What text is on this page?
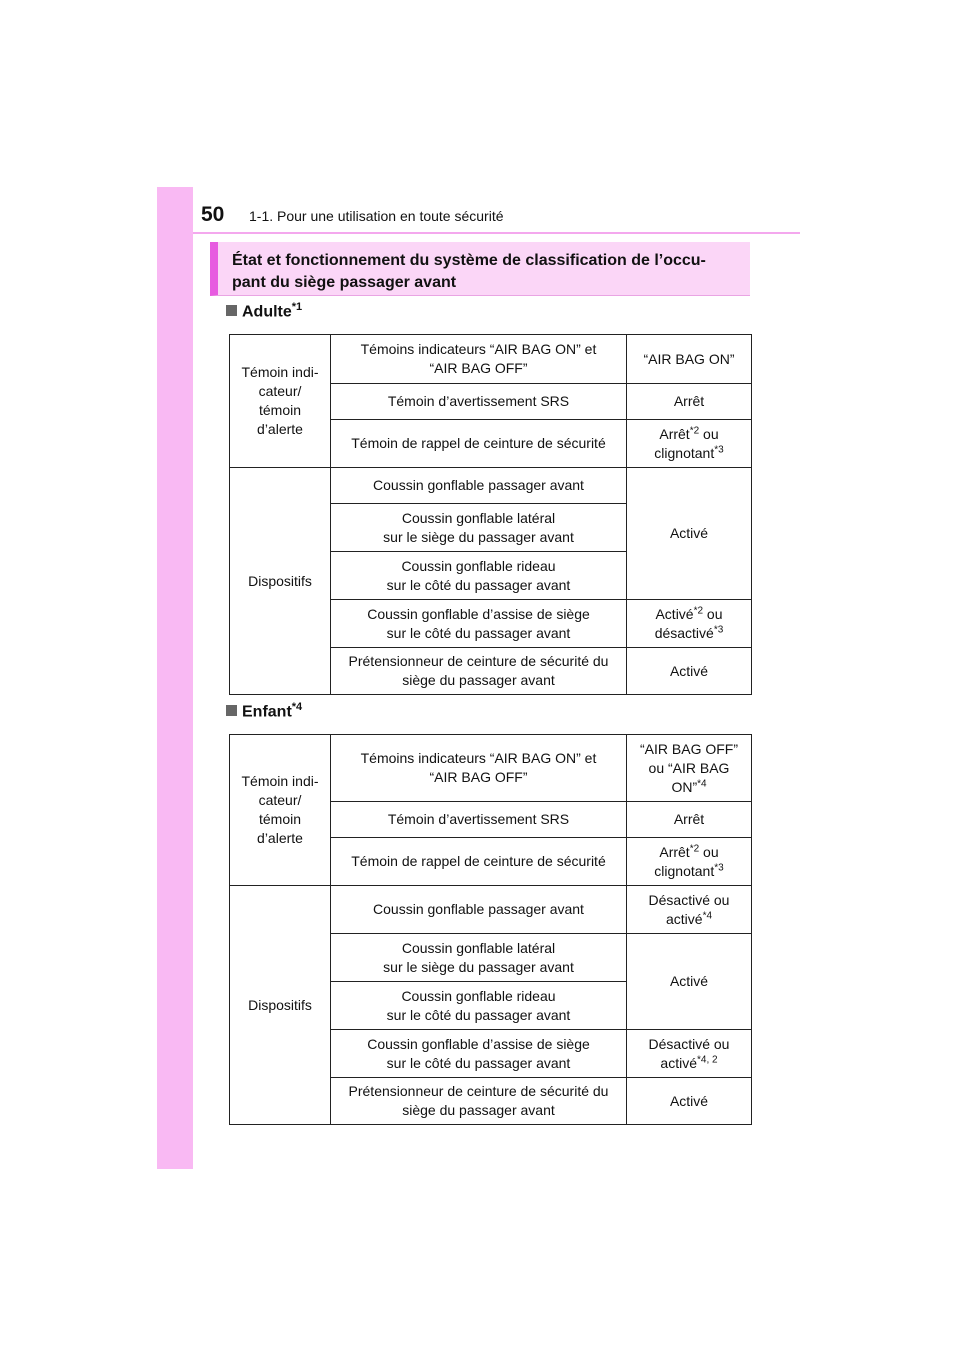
50 1-1. Pour une utilisation en toute sécurité
État et fonctionnement du système de classification de l’occu-
pant du siège passager avant
Adulte$^{*1}$
Témoin indi-
cateur/
témoin
d’alerte	Témoins indicateurs “AIR BAG ON” et
“AIR BAG OFF”	“AIR BAG ON”
	Témoin d’avertissement SRS	Arrêt
	Témoin de rappel de ceinture de sécurité	Arrêt$^{*2}$ ou
clignotant$^{*3}$
Dispositifs	Coussin gonflable passager avant	Activé

	Coussin gonflable latéral
sur le siège du passager avant	

	Coussin gonflable rideau
sur le côté du passager avant	

	Coussin gonflable d’assise de siège
sur le côté du passager avant	Activé$^{*2}$ ou
désactivé$^{*3}$

	Prétensionneur de ceinture de sécurité du
siège du passager avant	Activé
Enfant$^{*4}$
Témoin indi-
cateur/
témoin
d’alerte	Témoins indicateurs “AIR BAG ON” et
“AIR BAG OFF”	“AIR BAG OFF”
ou “AIR BAG
ON”$^{*4}$

	Témoin d’avertissement SRS	Arrêt
	Témoin de rappel de ceinture de sécurité	Arrêt$^{*2}$ ou
clignotant$^{*3}$
Dispositifs	Coussin gonflable passager avant	Désactivé ou
activé$^{*4}$

	Coussin gonflable latéral
sur le siège du passager avant	Activé

	Coussin gonflable rideau
sur le côté du passager avant	

	Coussin gonflable d’assise de siège
sur le côté du passager avant	Désactivé ou
activé$^{*4, 2}$

	Prétensionneur de ceinture de sécurité du
siège du passager avant	Activé
